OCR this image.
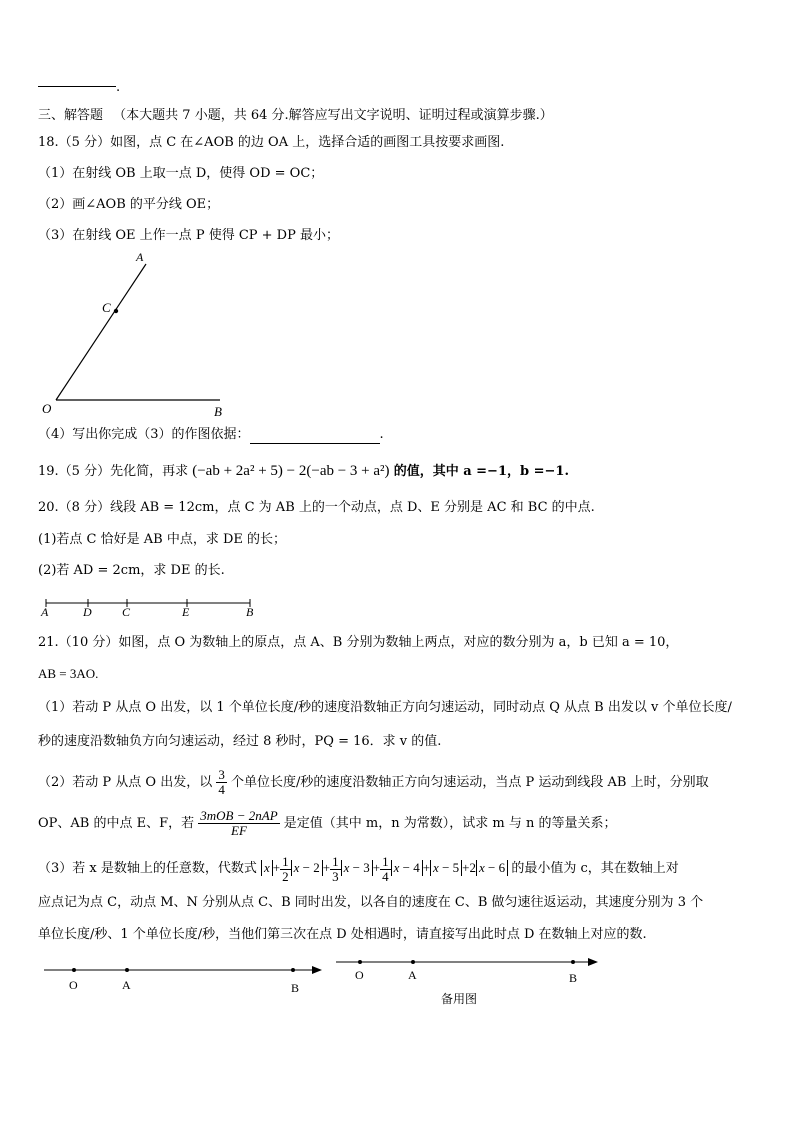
.
三、解答题 （本大题共 7 小题，共 64 分.解答应写出文字说明、证明过程或演算步骤.）
18.（5 分）如图，点 C 在∠AOB 的边 OA 上，选择合适的画图工具按要求画图.
（1）在射线 OB 上取一点 D，使得 OD = OC；
（2）画∠AOB 的平分线 OE；
（3）在射线 OE 上作一点 P 使得 CP + DP 最小；
A
C
O	B
（4）写出你完成（3）的作图依据：	.
19.（5 分）先化简，再求 (−ab + 2a² + 5) − 2(−ab − 3 + a²) 的值，其中 a =−1，b =−1.
20.（8 分）线段 AB = 12cm，点 C 为 AB 上的一个动点，点 D、E 分别是 AC 和 BC 的中点.
(1)若点 C 恰好是 AB 中点，求 DE 的长；
(2)若 AD = 2cm，求 DE 的长.
A	D	C	E	B
21.（10 分）如图，点 O 为数轴上的原点，点 A、B 分别为数轴上两点，对应的数分别为 a，b 已知 a = 10，
AB = 3AO.
（1）若动 P 从点 O 出发，以 1 个单位长度/秒的速度沿数轴正方向匀速运动，同时动点 Q 从点 B 出发以 v 个单位长度/
秒的速度沿数轴负方向匀速运动，经过 8 秒时，PQ = 16．求 v 的值.
（2）若动 P 从点 O 出发，以 $\frac{3}{4}$ 个单位长度/秒的速度沿数轴正方向匀速运动，当点 P 运动到线段 AB 上时，分别取
OP、AB 的中点 E、F，若 $\frac{\text{3mOB − 2nAP}}{EF}$ 是定值（其中 m，n 为常数），试求 m 与 n 的等量关系；
（3）若 x 是数轴上的任意数，代数式 $x + \frac{1}{2}$ $x - 2 + \frac{1}{3}$ $x - 3 + \frac{1}{4}$ x − 4 + x − 5 +2 x − 6 的最小值为 c，其在数轴上对
应点记为点 C，动点 M、N 分别从点 C、B 同时出发，以各自的速度在 C、B 做匀速往返运动，其速度分别为 3 个
单位长度/秒、1 个单位长度/秒，当他们第三次在点 D 处相遇时，请直接写出此时点 D 在数轴上对应的数.
O	A	B
O	A	B
备用图
